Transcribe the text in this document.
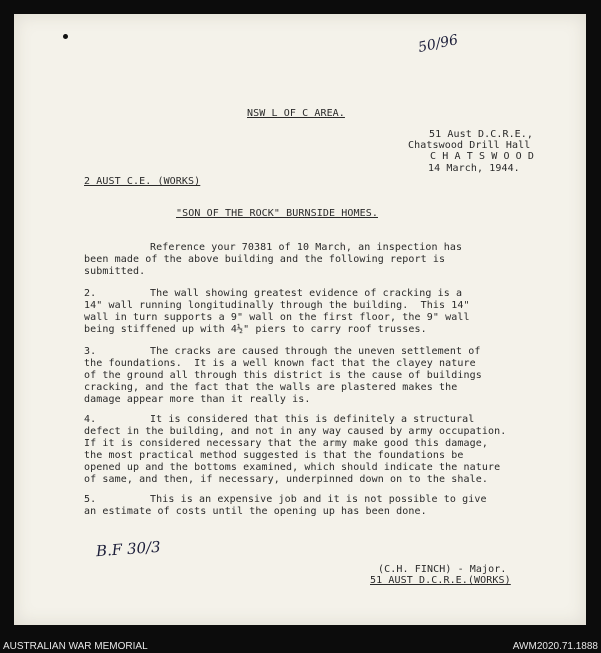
50/96
NSW L OF C AREA.
51 Aust D.C.R.E.,
Chatswood Drill Hall
C H A T S W O O D
14 March, 1944.
2 AUST C.E. (WORKS)
"SON OF THE ROCK" BURNSIDE HOMES.
Reference your 70381 of 10 March, an inspection has
been made of the above building and the following report is
submitted.
2.	The wall showing greatest evidence of cracking is a
14" wall running longitudinally through the building.  This 14"
wall in turn supports a 9" wall on the first floor, the 9" wall
being stiffened up with 4½" piers to carry roof trusses.
3.	The cracks are caused through the uneven settlement of
the foundations.  It is a well known fact that the clayey nature
of the ground all through this district is the cause of buildings
cracking, and the fact that the walls are plastered makes the
damage appear more than it really is.
4.	It is considered that this is definitely a structural
defect in the building, and not in any way caused by army occupation.
If it is considered necessary that the army make good this damage,
the most practical method suggested is that the foundations be
opened up and the bottoms examined, which should indicate the nature
of same, and then, if necessary, underpinned down on to the shale.
5.	This is an expensive job and it is not possible to give
an estimate of costs until the opening up has been done.
B.F 30/3
(C.H. FINCH) - Major.
51 AUST D.C.R.E.(WORKS)
AUSTRALIAN WAR MEMORIAL	AWM2020.71.1888
